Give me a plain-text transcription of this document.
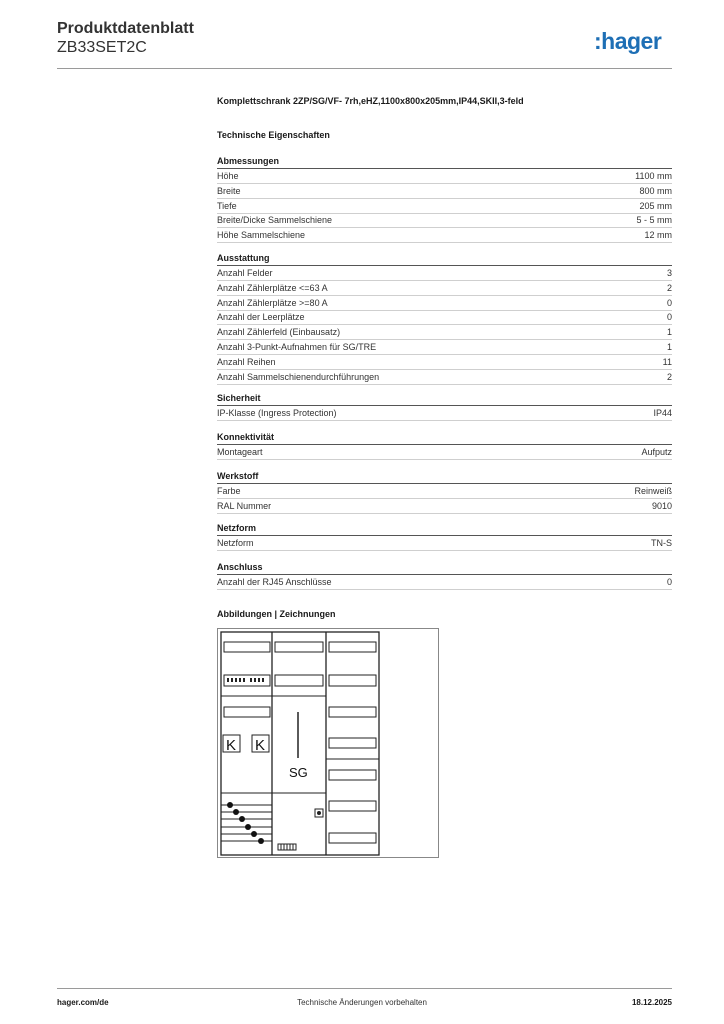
Produktdatenblatt
ZB33SET2C	:hager
Komplettschrank 2ZP/SG/VF- 7rh,eHZ,1100x800x205mm,IP44,SKII,3-feld
Technische Eigenschaften
Abmessungen
Höhe	1100 mm
Breite	800 mm
Tiefe	205 mm
Breite/Dicke Sammelschiene	5 - 5 mm
Höhe Sammelschiene	12 mm
Ausstattung
Anzahl Felder	3
Anzahl Zählerplätze <=63 A	2
Anzahl Zählerplätze >=80 A	0
Anzahl der Leerplätze	0
Anzahl Zählerfeld (Einbausatz)	1
Anzahl 3-Punkt-Aufnahmen für SG/TRE	1
Anzahl Reihen	11
Anzahl Sammelschienendurchführungen	2
Sicherheit
IP-Klasse (Ingress Protection)	IP44
Konnektivität
Montageart	Aufputz
Werkstoff
Farbe	Reinweiß
RAL Nummer	9010
Netzform
Netzform	TN-S
Anschluss
Anzahl der RJ45 Anschlüsse	0
Abbildungen | Zeichnungen
K K
SG
hager.com/de	Technische Änderungen vorbehalten	18.12.2025
